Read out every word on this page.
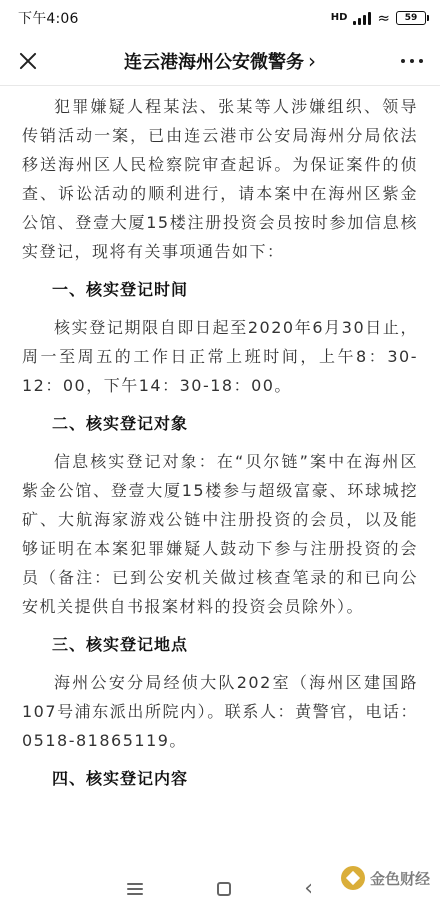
下午4:06	HD ≈ 59
连云港海州公安微警务 ›

犯罪嫌疑人程某法、张某等人涉嫌组织、领导传销活动一案，已由连云港市公安局海州分局依法移送海州区人民检察院审查起诉。为保证案件的侦查、诉讼活动的顺利进行，请本案中在海州区紫金公馆、登壹大厦15楼注册投资会员按时参加信息核实登记，现将有关事项通告如下：

一、核实登记时间

核实登记期限自即日起至2020年6月30日止，周一至周五的工作日正常上班时间，上午8：30-12：00，下午14：30-18：00。

二、核实登记对象

信息核实登记对象：在“贝尔链”案中在海州区紫金公馆、登壹大厦15楼参与超级富豪、环球城挖矿、大航海家游戏公链中注册投资的会员，以及能够证明在本案犯罪嫌疑人鼓动下参与注册投资的会员（备注：已到公安机关做过核查笔录的和已向公安机关提供自书报案材料的投资会员除外）。

三、核实登记地点

海州公安分局经侦大队202室（海州区建国路107号浦东派出所院内）。联系人：黄警官，电话：0518-81865119。

四、核实登记内容
‹	金色财经
